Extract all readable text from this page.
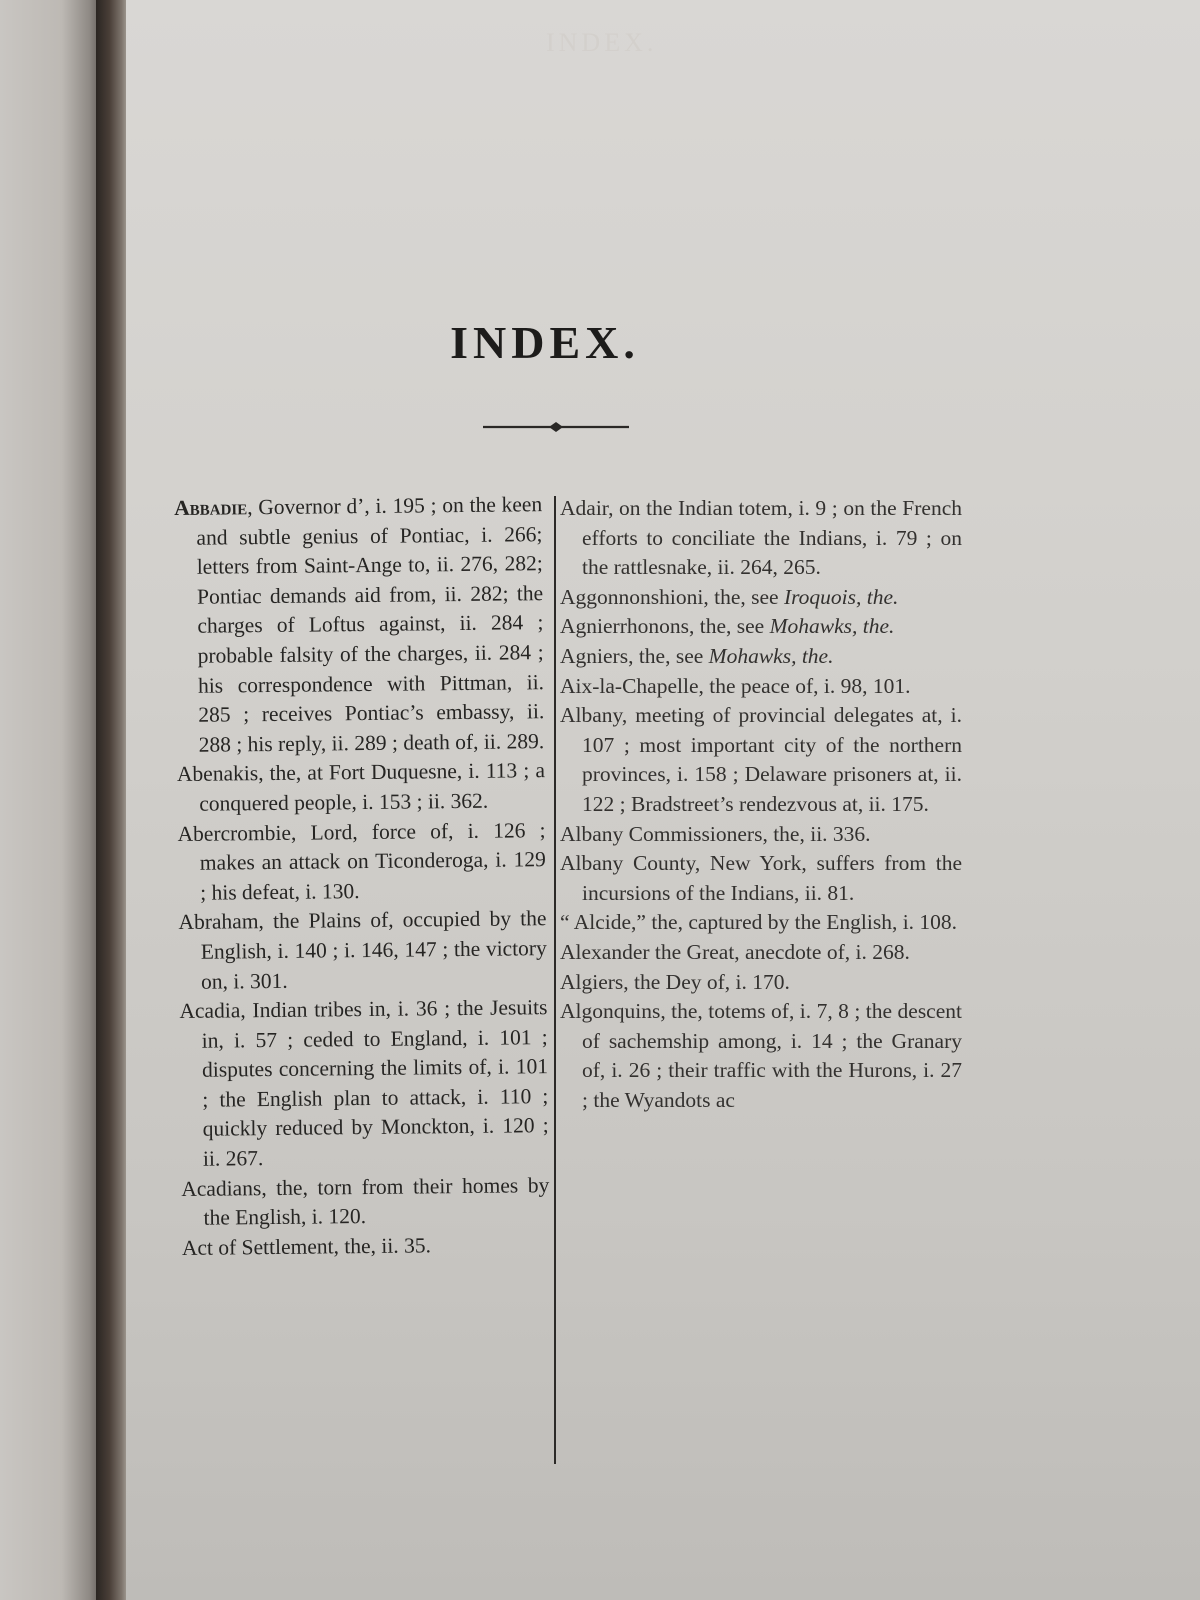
INDEX.
INDEX.
Abbadie, Governor d’, i. 195 ; on the keen and subtle genius of Pontiac, i. 266; letters from Saint-Ange to, ii. 276, 282; Pontiac demands aid from, ii. 282; the charges of Loftus against, ii. 284 ; probable falsity of the charges, ii. 284 ; his correspondence with Pittman, ii. 285 ; receives Pontiac’s embassy, ii. 288 ; his reply, ii. 289 ; death of, ii. 289.
Abenakis, the, at Fort Duquesne, i. 113 ; a conquered people, i. 153 ; ii. 362.
Abercrombie, Lord, force of, i. 126 ; makes an attack on Ticonderoga, i. 129 ; his defeat, i. 130.
Abraham, the Plains of, occupied by the English, i. 140 ; i. 146, 147 ; the victory on, i. 301.
Acadia, Indian tribes in, i. 36 ; the Jesuits in, i. 57 ; ceded to England, i. 101 ; disputes concerning the limits of, i. 101 ; the English plan to attack, i. 110 ; quickly reduced by Monckton, i. 120 ; ii. 267.
Acadians, the, torn from their homes by the English, i. 120.
Act of Settlement, the, ii. 35.
Adair, on the Indian totem, i. 9 ; on the French efforts to conciliate the Indians, i. 79 ; on the rattlesnake, ii. 264, 265.
Aggonnonshioni, the, see Iroquois, the.
Agnierrhonons, the, see Mohawks, the.
Agniers, the, see Mohawks, the.
Aix-la-Chapelle, the peace of, i. 98, 101.
Albany, meeting of provincial delegates at, i. 107 ; most important city of the northern provinces, i. 158 ; Delaware prisoners at, ii. 122 ; Bradstreet’s rendezvous at, ii. 175.
Albany Commissioners, the, ii. 336.
Albany County, New York, suffers from the incursions of the Indians, ii. 81.
“ Alcide,” the, captured by the English, i. 108.
Alexander the Great, anecdote of, i. 268.
Algiers, the Dey of, i. 170.
Algonquins, the, totems of, i. 7, 8 ; the descent of sachemship among, i. 14 ; the Granary of, i. 26 ; their traffic with the Hurons, i. 27 ; the Wyandots ac
